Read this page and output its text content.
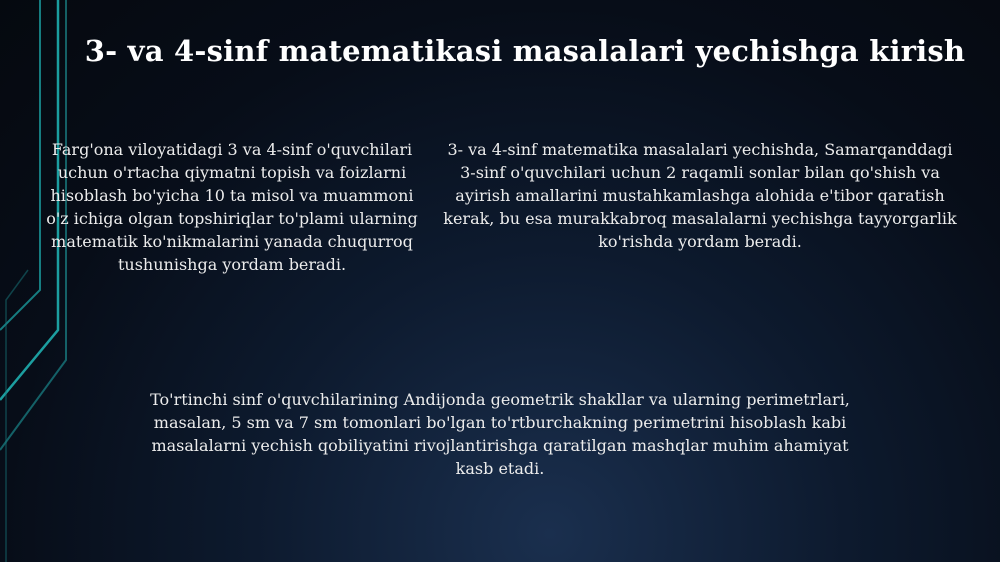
3- va 4-sinf matematikasi masalalari yechishga kirish
Farg'ona viloyatidagi 3 va 4-sinf o'quvchilari uchun o'rtacha qiymatni topish va foizlarni hisoblash bo'yicha 10 ta misol va muammoni o'z ichiga olgan topshiriqlar to'plami ularning matematik ko'nikmalarini yanada chuqurroq tushunishga yordam beradi.
3- va 4-sinf matematika masalalari yechishda, Samarqanddagi 3-sinf o'quvchilari uchun 2 raqamli sonlar bilan qo'shish va ayirish amallarini mustahkamlashga alohida e'tibor qaratish kerak, bu esa murakkabroq masalalarni yechishga tayyorgarlik ko'rishda yordam beradi.
To'rtinchi sinf o'quvchilarining Andijonda geometrik shakllar va ularning perimetrlari, masalan, 5 sm va 7 sm tomonlari bo'lgan to'rtburchakning perimetrini hisoblash kabi masalalarni yechish qobiliyatini rivojlantirishga qaratilgan mashqlar muhim ahamiyat kasb etadi.
